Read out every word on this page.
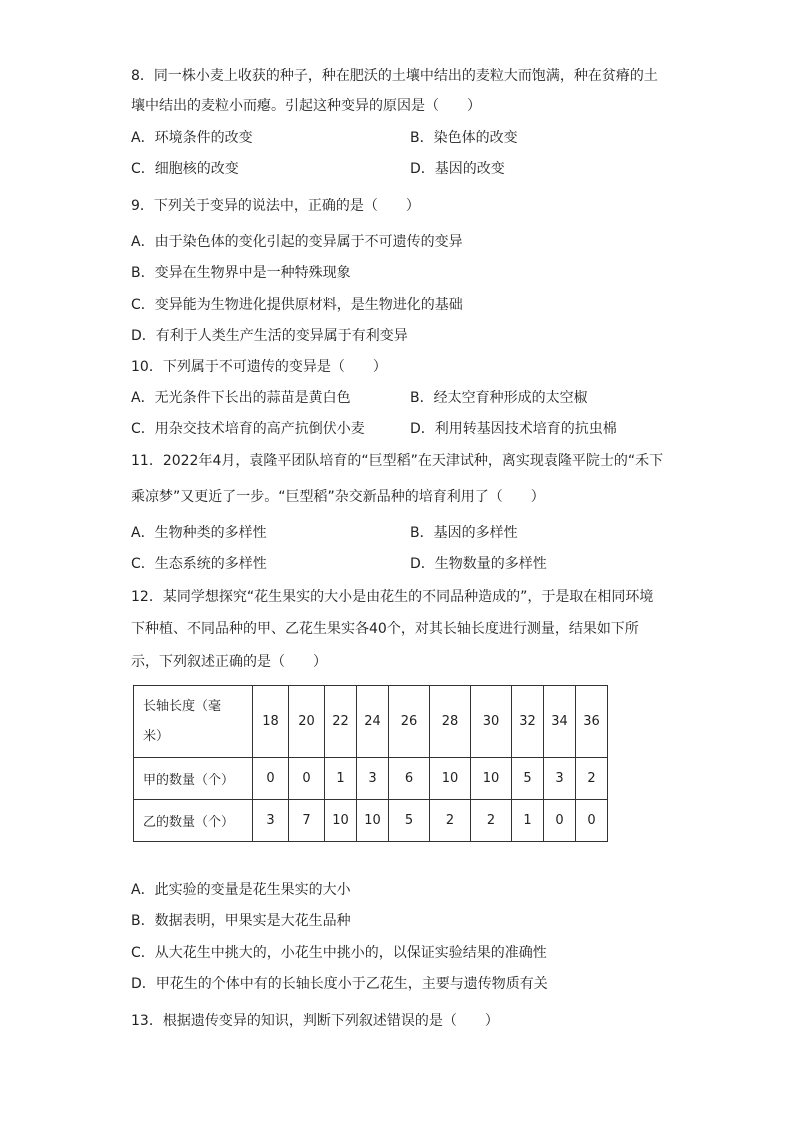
8．同一株小麦上收获的种子，种在肥沃的土壤中结出的麦粒大而饱满，种在贫瘠的土
壤中结出的麦粒小而瘪。引起这种变异的原因是（　　）
A．环境条件的改变	B．染色体的改变
C．细胞核的改变	D．基因的改变
9．下列关于变异的说法中，正确的是（　　）
A．由于染色体的变化引起的变异属于不可遗传的变异
B．变异在生物界中是一种特殊现象
C．变异能为生物进化提供原材料，是生物进化的基础
D．有利于人类生产生活的变异属于有利变异
10．下列属于不可遗传的变异是（　　）
A．无光条件下长出的蒜苗是黄白色	B．经太空育种形成的太空椒
C．用杂交技术培育的高产抗倒伏小麦	D．利用转基因技术培育的抗虫棉
11．2022年4月，袁隆平团队培育的“巨型稻”在天津试种，离实现袁隆平院士的“禾下
乘凉梦”又更近了一步。“巨型稻”杂交新品种的培育利用了（　　）
A．生物种类的多样性	B．基因的多样性
C．生态系统的多样性	D．生物数量的多样性
12．某同学想探究“花生果实的大小是由花生的不同品种造成的”，于是取在相同环境
下种植、不同品种的甲、乙花生果实各40个，对其长轴长度进行测量，结果如下所
示，下列叙述正确的是（　　）
长轴长度（毫
米）	18	20	22	24	26	28	30	32	34	36
甲的数量（个）	0	0	1	3	6	10	10	5	3	2
乙的数量（个）	3	7	10	10	5	2	2	1	0	0
A．此实验的变量是花生果实的大小
B．数据表明，甲果实是大花生品种
C．从大花生中挑大的，小花生中挑小的，以保证实验结果的准确性
D．甲花生的个体中有的长轴长度小于乙花生，主要与遗传物质有关
13．根据遗传变异的知识，判断下列叙述错误的是（　　）
